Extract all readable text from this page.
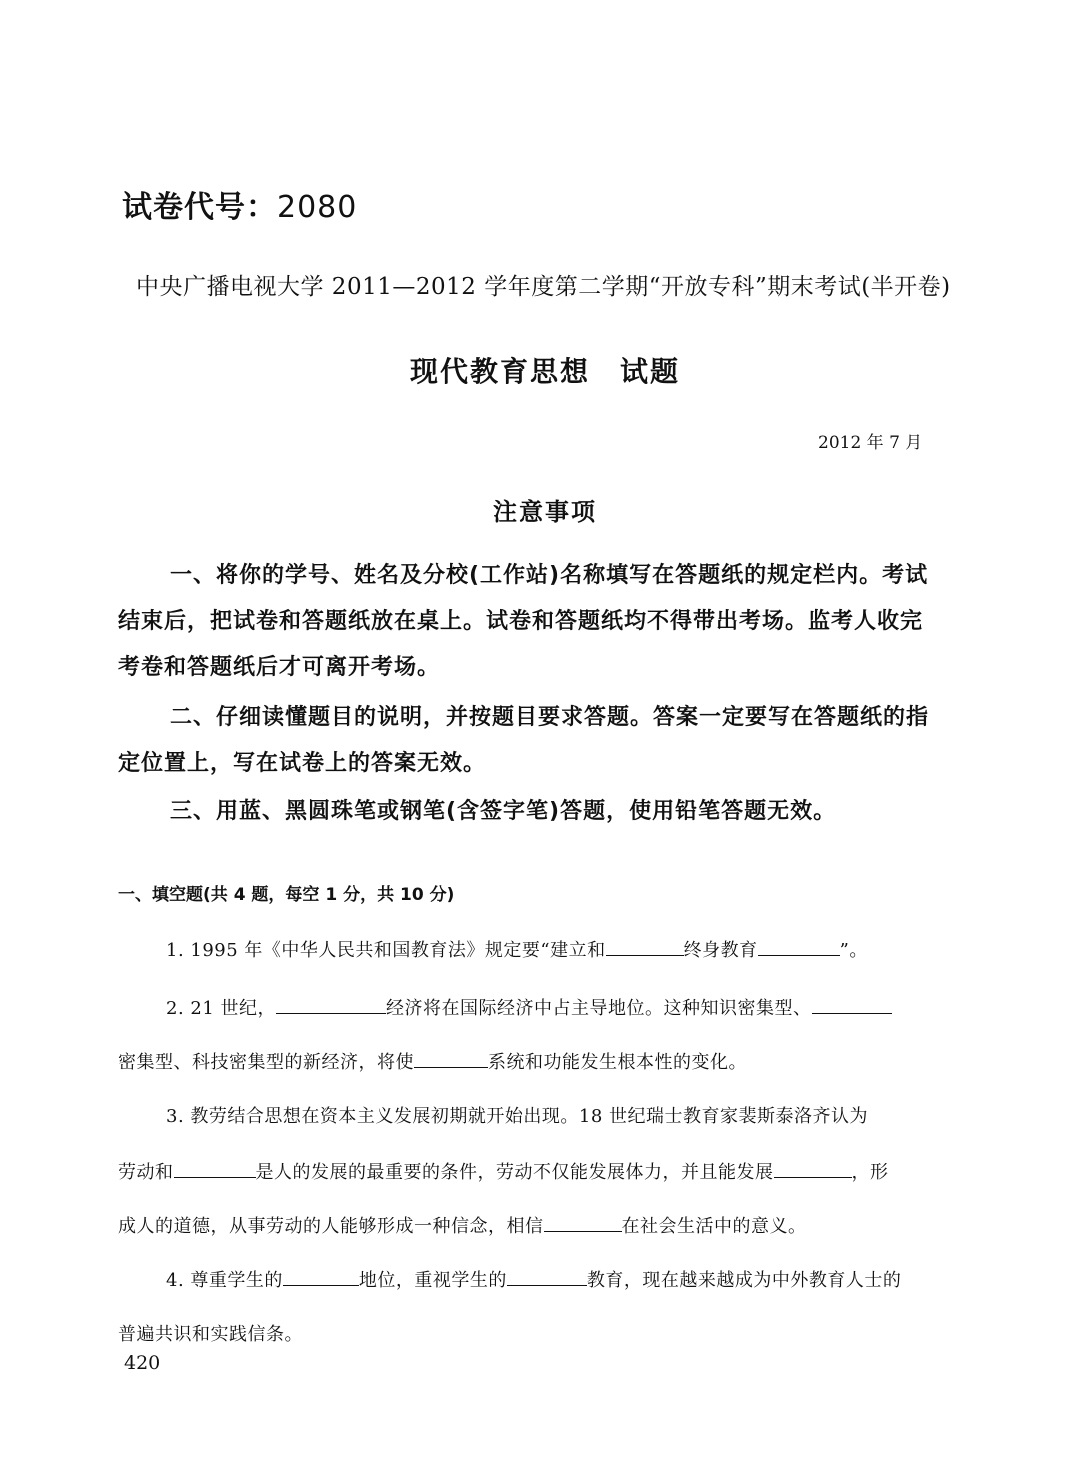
试卷代号：2080
中央广播电视大学 2011—2012 学年度第二学期“开放专科”期末考试(半开卷)
现代教育思想　试题
2012 年 7 月
注意事项
一、将你的学号、姓名及分校(工作站)名称填写在答题纸的规定栏内。考试
结束后，把试卷和答题纸放在桌上。试卷和答题纸均不得带出考场。监考人收完
考卷和答题纸后才可离开考场。
二、仔细读懂题目的说明，并按题目要求答题。答案一定要写在答题纸的指
定位置上，写在试卷上的答案无效。
三、用蓝、黑圆珠笔或钢笔(含签字笔)答题，使用铅笔答题无效。
一、填空题(共 4 题，每空 1 分，共 10 分)
1. 1995 年《中华人民共和国教育法》规定要“建立和	终身教育	”。
2. 21 世纪，	经济将在国际经济中占主导地位。这种知识密集型、
密集型、科技密集型的新经济，将使	系统和功能发生根本性的变化。
3. 教劳结合思想在资本主义发展初期就开始出现。18 世纪瑞士教育家裴斯泰洛齐认为
劳动和	是人的发展的最重要的条件，劳动不仅能发展体力，并且能发展	，形
成人的道德，从事劳动的人能够形成一种信念，相信	在社会生活中的意义。
4. 尊重学生的	地位，重视学生的	教育，现在越来越成为中外教育人士的
普遍共识和实践信条。
420
